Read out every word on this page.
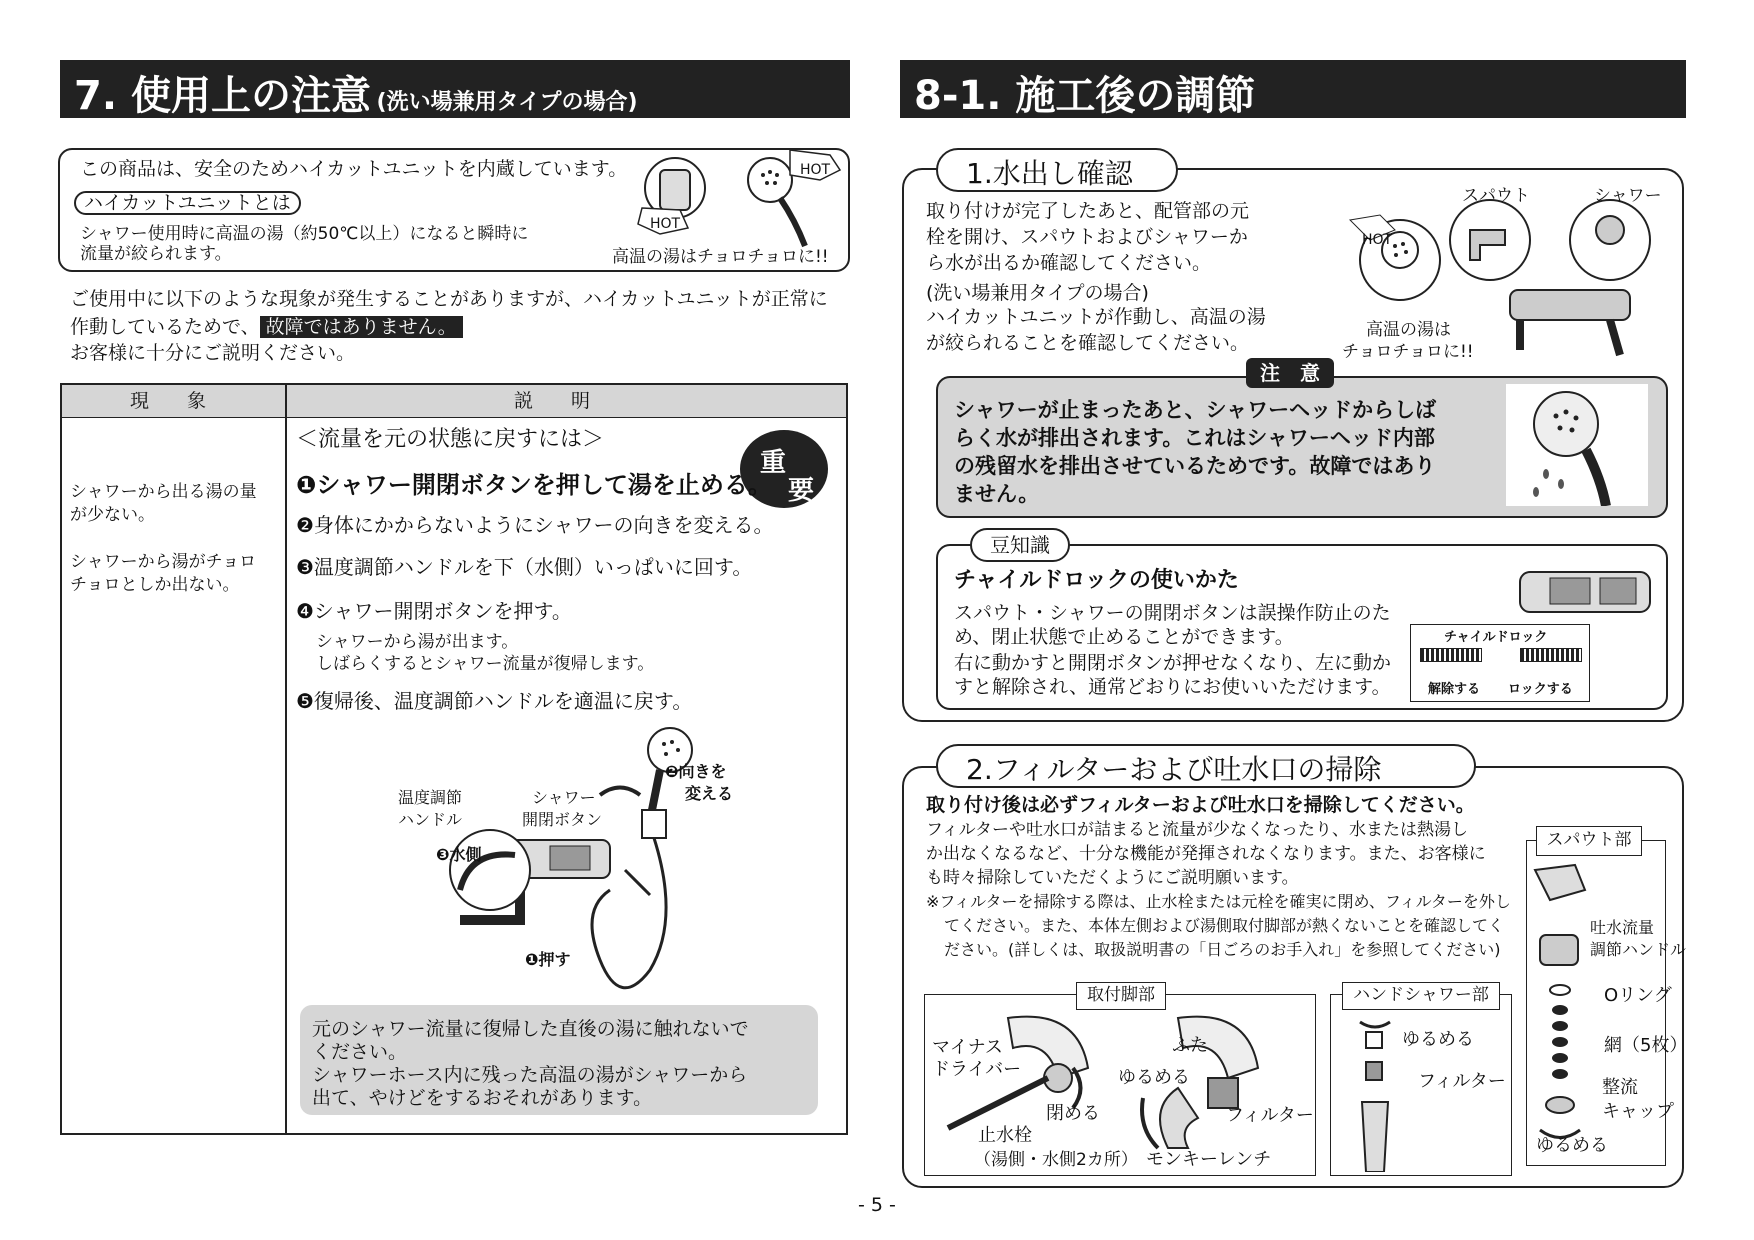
7. 使用上の注意 (洗い場兼用タイプの場合)
この商品は、安全のためハイカットユニットを内蔵しています。
ハイカットユニットとは
シャワー使用時に高温の湯（約50℃以上）になると瞬時に
流量が絞られます。
HOT
HOT
高温の湯はチョロチョロに!!
ご使用中に以下のような現象が発生することがありますが、ハイカットユニットが正常に
作動しているためで、 故障ではありません。
お客様に十分にご説明ください。
現　　象	説　　明
シャワーから出る湯の量
が少ない。
シャワーから湯がチョロ
チョロとしか出ない。
＜流量を元の状態に戻すには＞
重
要
❶シャワー開閉ボタンを押して湯を止める。
❷身体にかからないようにシャワーの向きを変える。
❸温度調節ハンドルを下（水側）いっぱいに回す。
❹シャワー開閉ボタンを押す。
シャワーから湯が出ます。
しばらくするとシャワー流量が復帰します。
❺復帰後、温度調節ハンドルを適温に戻す。
温度調節
ハンドル
シャワー
開閉ボタン
❸水側
❶押す
❷向きを
変える
元のシャワー流量に復帰した直後の湯に触れないで
ください。
シャワーホース内に残った高温の湯がシャワーから
出て、やけどをするおそれがあります。
8-1. 施工後の調節
1.水出し確認
取り付けが完了したあと、配管部の元
栓を開け、スパウトおよびシャワーか
ら水が出るか確認してください。
(洗い場兼用タイプの場合)
ハイカットユニットが作動し、高温の湯
が絞られることを確認してください。
スパウト	シャワー
HOT
高温の湯は
チョロチョロに!!
注　意
シャワーが止まったあと、シャワーヘッドからしば
らく水が排出されます。これはシャワーヘッド内部
の残留水を排出させているためです。故障ではあり
ません。
豆知識
チャイルドロックの使いかた
スパウト・シャワーの開閉ボタンは誤操作防止のた
め、閉止状態で止めることができます。
右に動かすと開閉ボタンが押せなくなり、左に動か
すと解除され、通常どおりにお使いいただけます。
チャイルドロック
解除する ロックする
2.フィルターおよび吐水口の掃除
取り付け後は必ずフィルターおよび吐水口を掃除してください。
フィルターや吐水口が詰まると流量が少なくなったり、水または熱湯し
か出なくなるなど、十分な機能が発揮されなくなります。また、お客様に
も時々掃除していただくようにご説明願います。
※フィルターを掃除する際は、止水栓または元栓を確実に閉め、フィルターを外し
てください。また、本体左側および湯側取付脚部が熱くないことを確認してく
ださい。(詳しくは、取扱説明書の「日ごろのお手入れ」を参照してください)
スパウト部
吐水流量
調節ハンドル
Oリング
網（5枚）
整流
キャップ
ゆるめる
取付脚部
マイナス
ドライバー
閉める
止水栓
（湯側・水側2カ所）
ふた
ゆるめる
フィルター
モンキーレンチ
ハンドシャワー部
ゆるめる
フィルター
- 5 -
